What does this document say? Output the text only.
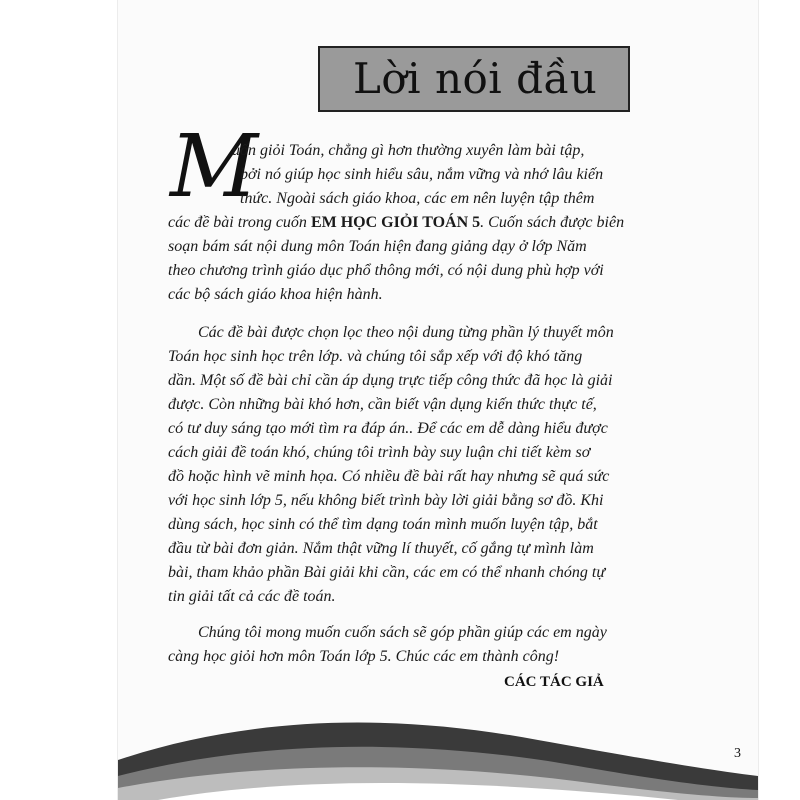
Lời nói đầu
M
uốn giỏi Toán, chẳng gì hơn thường xuyên làm bài tập,
bởi nó giúp học sinh hiểu sâu, nắm vững và nhớ lâu kiến
thức. Ngoài sách giáo khoa, các em nên luyện tập thêm
các đề bài trong cuốn EM HỌC GIỎI TOÁN 5. Cuốn sách được biên
soạn bám sát nội dung môn Toán hiện đang giảng dạy ở lớp Năm
theo chương trình giáo dục phổ thông mới, có nội dung phù hợp với
các bộ sách giáo khoa hiện hành.
Các đề bài được chọn lọc theo nội dung từng phần lý thuyết môn
Toán học sinh học trên lớp. và chúng tôi sắp xếp với độ khó tăng
dần. Một số đề bài chỉ cần áp dụng trực tiếp công thức đã học là giải
được. Còn những bài khó hơn, cần biết vận dụng kiến thức thực tế,
có tư duy sáng tạo mới tìm ra đáp án.. Để các em dễ dàng hiểu được
cách giải đề toán khó, chúng tôi trình bày suy luận chi tiết kèm sơ
đồ hoặc hình vẽ minh họa. Có nhiều đề bài rất hay nhưng sẽ quá sức
với học sinh lớp 5, nếu không biết trình bày lời giải bằng sơ đồ. Khi
dùng sách, học sinh có thể tìm dạng toán mình muốn luyện tập, bắt
đầu từ bài đơn giản. Nắm thật vững lí thuyết, cố gắng tự mình làm
bài, tham khảo phần Bài giải khi cần, các em có thể nhanh chóng tự
tin giải tất cả các đề toán.
Chúng tôi mong muốn cuốn sách sẽ góp phần giúp các em ngày
càng học giỏi hơn môn Toán lớp 5. Chúc các em thành công!
CÁC TÁC GIẢ
3
